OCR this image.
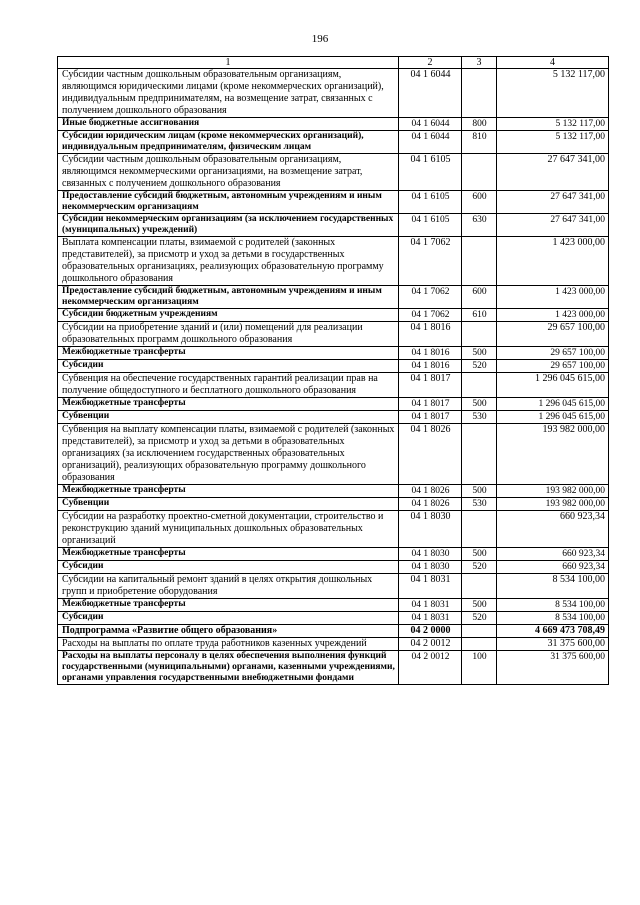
196
1	2	3	4
Субсидии частным дошкольным образовательным организациям, являющимся юридическими лицами (кроме некоммерческих организаций), индивидуальным предпринимателям, на возмещение затрат, связанных с получением дошкольного образования	04 1 6044		5 132 117,00
Иные бюджетные ассигнования	04 1 6044	800	5 132 117,00
Субсидии юридическим лицам (кроме некоммерческих организаций), индивидуальным предпринимателям, физическим лицам	04 1 6044	810	5 132 117,00
Субсидии частным дошкольным образовательным организациям, являющимся некоммерческими организациями, на возмещение затрат, связанных с получением дошкольного образования	04 1 6105		27 647 341,00
Предоставление субсидий бюджетным, автономным учреждениям и иным некоммерческим организациям	04 1 6105	600	27 647 341,00
Субсидии некоммерческим организациям (за исключением государственных (муниципальных) учреждений)	04 1 6105	630	27 647 341,00
Выплата компенсации платы, взимаемой с родителей (законных представителей), за присмотр и уход за детьми в государственных образовательных организациях, реализующих образовательную программу дошкольного образования	04 1 7062		1 423 000,00
Предоставление субсидий бюджетным, автономным учреждениям и иным некоммерческим организациям	04 1 7062	600	1 423 000,00
Субсидии бюджетным учреждениям	04 1 7062	610	1 423 000,00
Субсидии на приобретение зданий и (или) помещений для реализации образовательных программ дошкольного образования	04 1 8016		29 657 100,00
Межбюджетные трансферты	04 1 8016	500	29 657 100,00
Субсидии	04 1 8016	520	29 657 100,00
Субвенция на обеспечение государственных гарантий реализации прав на получение общедоступного и бесплатного дошкольного образования	04 1 8017		1 296 045 615,00
Межбюджетные трансферты	04 1 8017	500	1 296 045 615,00
Субвенции	04 1 8017	530	1 296 045 615,00
Субвенция на выплату компенсации платы, взимаемой с родителей (законных представителей), за присмотр и уход за детьми в образовательных организациях (за исключением государственных образовательных организаций), реализующих образовательную программу дошкольного образования	04 1 8026		193 982 000,00
Межбюджетные трансферты	04 1 8026	500	193 982 000,00
Субвенции	04 1 8026	530	193 982 000,00
Субсидии на разработку проектно-сметной документации, строительство и реконструкцию зданий муниципальных дошкольных образовательных организаций	04 1 8030		660 923,34
Межбюджетные трансферты	04 1 8030	500	660 923,34
Субсидии	04 1 8030	520	660 923,34
Субсидии на капитальный ремонт зданий в целях открытия дошкольных групп и приобретение оборудования	04 1 8031		8 534 100,00
Межбюджетные трансферты	04 1 8031	500	8 534 100,00
Субсидии	04 1 8031	520	8 534 100,00
Подпрограмма «Развитие общего образования»	04 2 0000		4 669 473 708,49
Расходы на выплаты по оплате труда работников казенных учреждений	04 2 0012		31 375 600,00
Расходы на выплаты персоналу в целях обеспечения выполнения функций государственными (муниципальными) органами, казенными учреждениями, органами управления государственными внебюджетными фондами	04 2 0012	100	31 375 600,00
